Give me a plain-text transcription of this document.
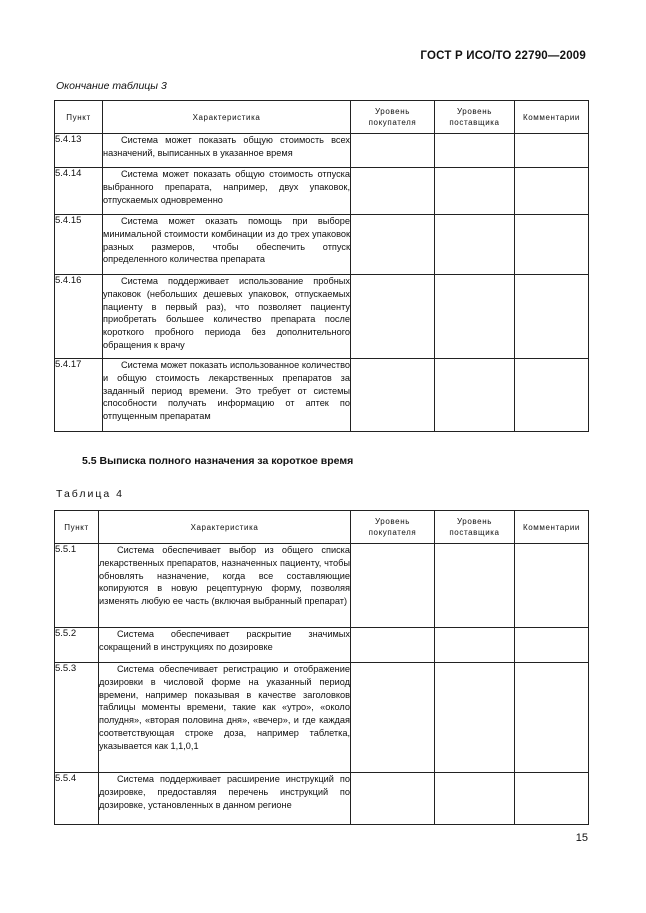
ГОСТ Р ИСО/ТО 22790—2009
Окончание таблицы 3
Пункт	Характеристика	Уровень покупателя	Уровень поставщика	Комментарии
5.4.13	Система может показать общую стоимость всех назначений, выписанных в указанное время			

5.4.14	Система может показать общую стоимость отпуска выбранного препарата, например, двух упаковок, отпускаемых одновременно			

5.4.15	Система может оказать помощь при выборе минимальной стоимости комбинации из до трех упаковок разных размеров, чтобы обеспечить отпуск определенного количества препарата			

5.4.16	Система поддерживает использование пробных упаковок (небольших дешевых упаковок, отпускаемых пациенту в первый раз), что позволяет пациенту приобретать большее количество препарата после короткого пробного периода без дополнительного обращения к врачу			

5.4.17	Система может показать использованное количество и общую стоимость лекарственных препаратов за заданный период времени. Это требует от системы способности получать информацию от аптек по отпущенным препаратам			

5.5 Выписка полного назначения за короткое время
Таблица 4
Пункт	Характеристика	Уровень покупателя	Уровень поставщика	Комментарии
5.5.1	Система обеспечивает выбор из общего списка лекарственных препаратов, назначенных пациенту, чтобы обновлять назначение, когда все составляющие копируются в новую рецептурную форму, позволяя изменять любую ее часть (включая выбранный препарат)			

5.5.2	Система обеспечивает раскрытие значимых сокращений в инструкциях по дозировке			

5.5.3	Система обеспечивает регистрацию и отображение дозировки в числовой форме на указанный период времени, например показывая в качестве заголовков таблицы моменты времени, такие как «утро», «около полудня», «вторая половина дня», «вечер», и где каждая соответствующая строке доза, например таблетка, указывается как 1,1,0,1			

5.5.4	Система поддерживает расширение инструкций по дозировке, предоставляя перечень инструкций по дозировке, установленных в данном регионе			

15
